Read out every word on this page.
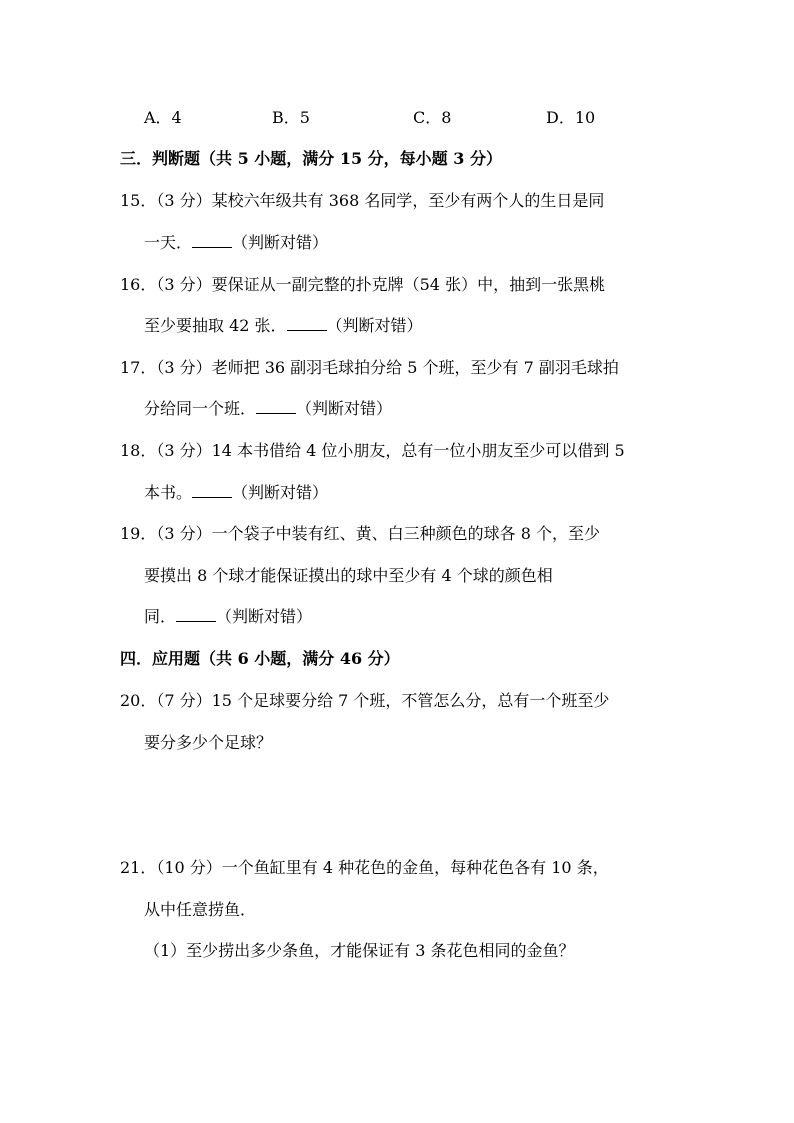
A．4	B．5	C．8	D．10
三．判断题（共 5 小题，满分 15 分，每小题 3 分）
15．（3 分）某校六年级共有 368 名同学，至少有两个人的生日是同
一天．	（判断对错）
16．（3 分）要保证从一副完整的扑克牌（54 张）中，抽到一张黑桃
至少要抽取 42 张．	（判断对错）
17．（3 分）老师把 36 副羽毛球拍分给 5 个班，至少有 7 副羽毛球拍
分给同一个班．	（判断对错）
18．（3 分）14 本书借给 4 位小朋友，总有一位小朋友至少可以借到 5
本书。	（判断对错）
19．（3 分）一个袋子中装有红、黄、白三种颜色的球各 8 个，至少
要摸出 8 个球才能保证摸出的球中至少有 4 个球的颜色相
同．	（判断对错）
四．应用题（共 6 小题，满分 46 分）
20．（7 分）15 个足球要分给 7 个班，不管怎么分，总有一个班至少
要分多少个足球？
21．（10 分）一个鱼缸里有 4 种花色的金鱼，每种花色各有 10 条，
从中任意捞鱼．
（1）至少捞出多少条鱼，才能保证有 3 条花色相同的金鱼？
